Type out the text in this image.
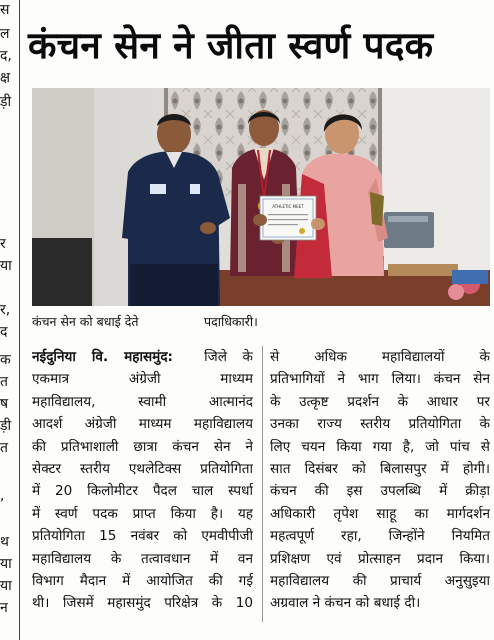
स
ल
द,
क्ष
ड़ी
र
या
र,
द
क
त
ष
ड़ी
त
,
थ
या
या
न
कंचन सेन ने जीता स्वर्ण पदक
ATHLETIC MEET
कंचन सेन को बधाई देते	पदाधिकारी।
नईदुनिया वि. महासमुंद: जिले के
एकमात्र अंग्रेजी माध्यम
महाविद्यालय, स्वामी आत्मानंद
आदर्श अंग्रेजी माध्यम महाविद्यालय
की प्रतिभाशाली छात्रा कंचन सेन ने
सेक्टर स्तरीय एथलेटिक्स प्रतियोगिता
में 20 किलोमीटर पैदल चाल स्पर्धा
में स्वर्ण पदक प्राप्त किया है। यह
प्रतियोगिता 15 नवंबर को एमवीपीजी
महाविद्यालय के तत्वावधान में वन
विभाग मैदान में आयोजित की गई
थी। जिसमें महासमुंद परिक्षेत्र के 10
से अधिक महाविद्यालयों के
प्रतिभागियों ने भाग लिया। कंचन सेन
के उत्कृष्ट प्रदर्शन के आधार पर
उनका राज्य स्तरीय प्रतियोगिता के
लिए चयन किया गया है, जो पांच से
सात दिसंबर को बिलासपुर में होगी।
कंचन की इस उपलब्धि में क्रीड़ा
अधिकारी तृपेश साहू का मार्गदर्शन
महत्वपूर्ण रहा, जिन्होंने नियमित
प्रशिक्षण एवं प्रोत्साहन प्रदान किया।
महाविद्यालय की प्राचार्य अनुसुइया
अग्रवाल ने कंचन को बधाई दी।
